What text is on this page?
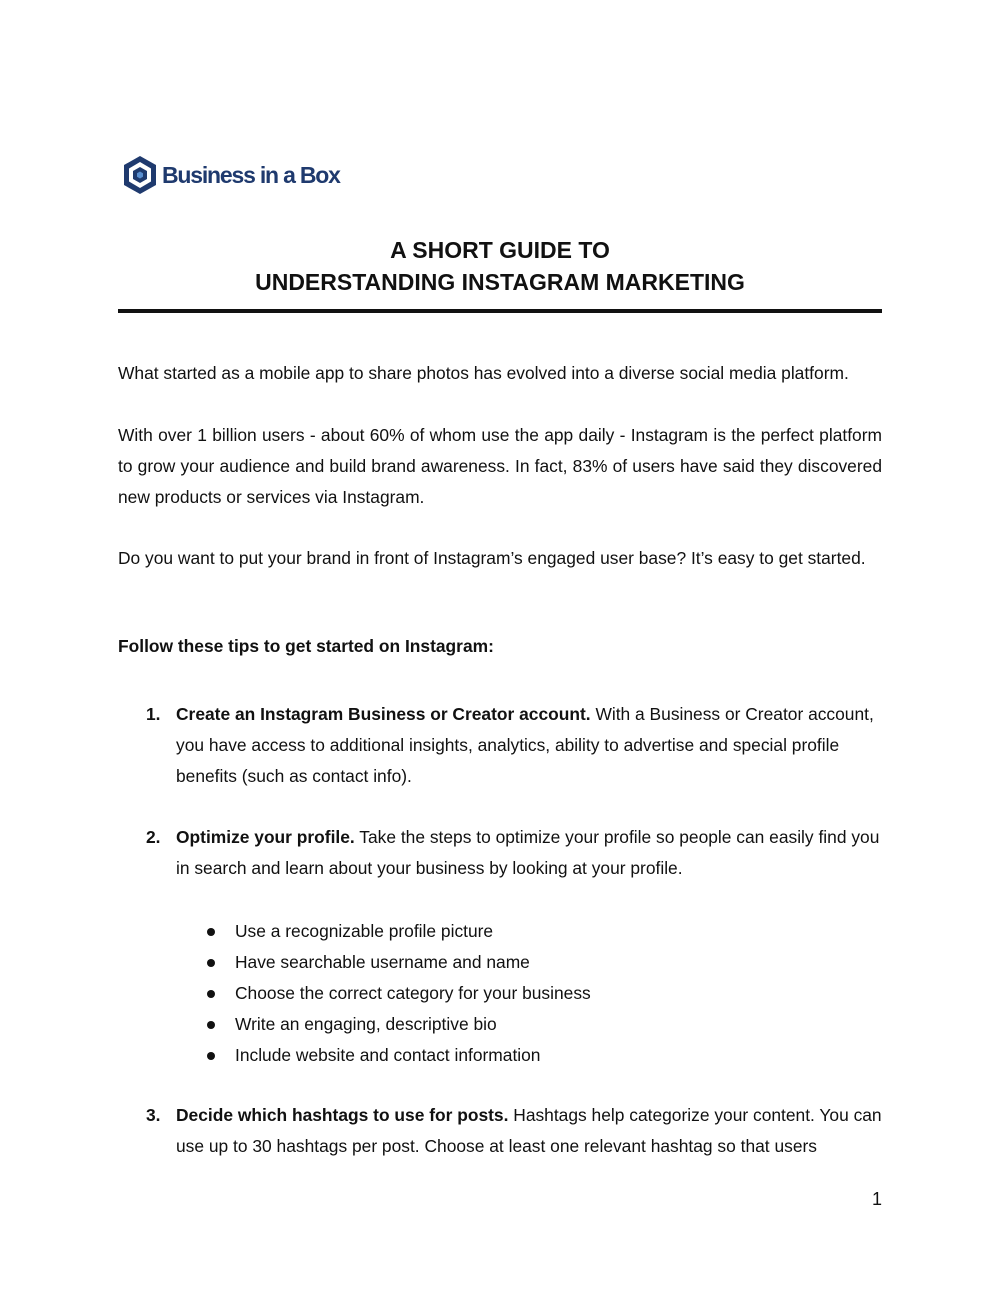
Business in a Box
A SHORT GUIDE TO
UNDERSTANDING INSTAGRAM MARKETING

What started as a mobile app to share photos has evolved into a diverse social media platform.

With over 1 billion users - about 60% of whom use the app daily - Instagram is the perfect platform to grow your audience and build brand awareness. In fact, 83% of users have said they discovered new products or services via Instagram.

Do you want to put your brand in front of Instagram’s engaged user base? It’s easy to get started.

Follow these tips to get started on Instagram:

1. Create an Instagram Business or Creator account. With a Business or Creator account, you have access to additional insights, analytics, ability to advertise and special profile benefits (such as contact info).

2. Optimize your profile. Take the steps to optimize your profile so people can easily find you in search and learn about your business by looking at your profile.

Use a recognizable profile picture
Have searchable username and name
Choose the correct category for your business
Write an engaging, descriptive bio
Include website and contact information
3. Decide which hashtags to use for posts. Hashtags help categorize your content. You can use up to 30 hashtags per post. Choose at least one relevant hashtag so that users

1
